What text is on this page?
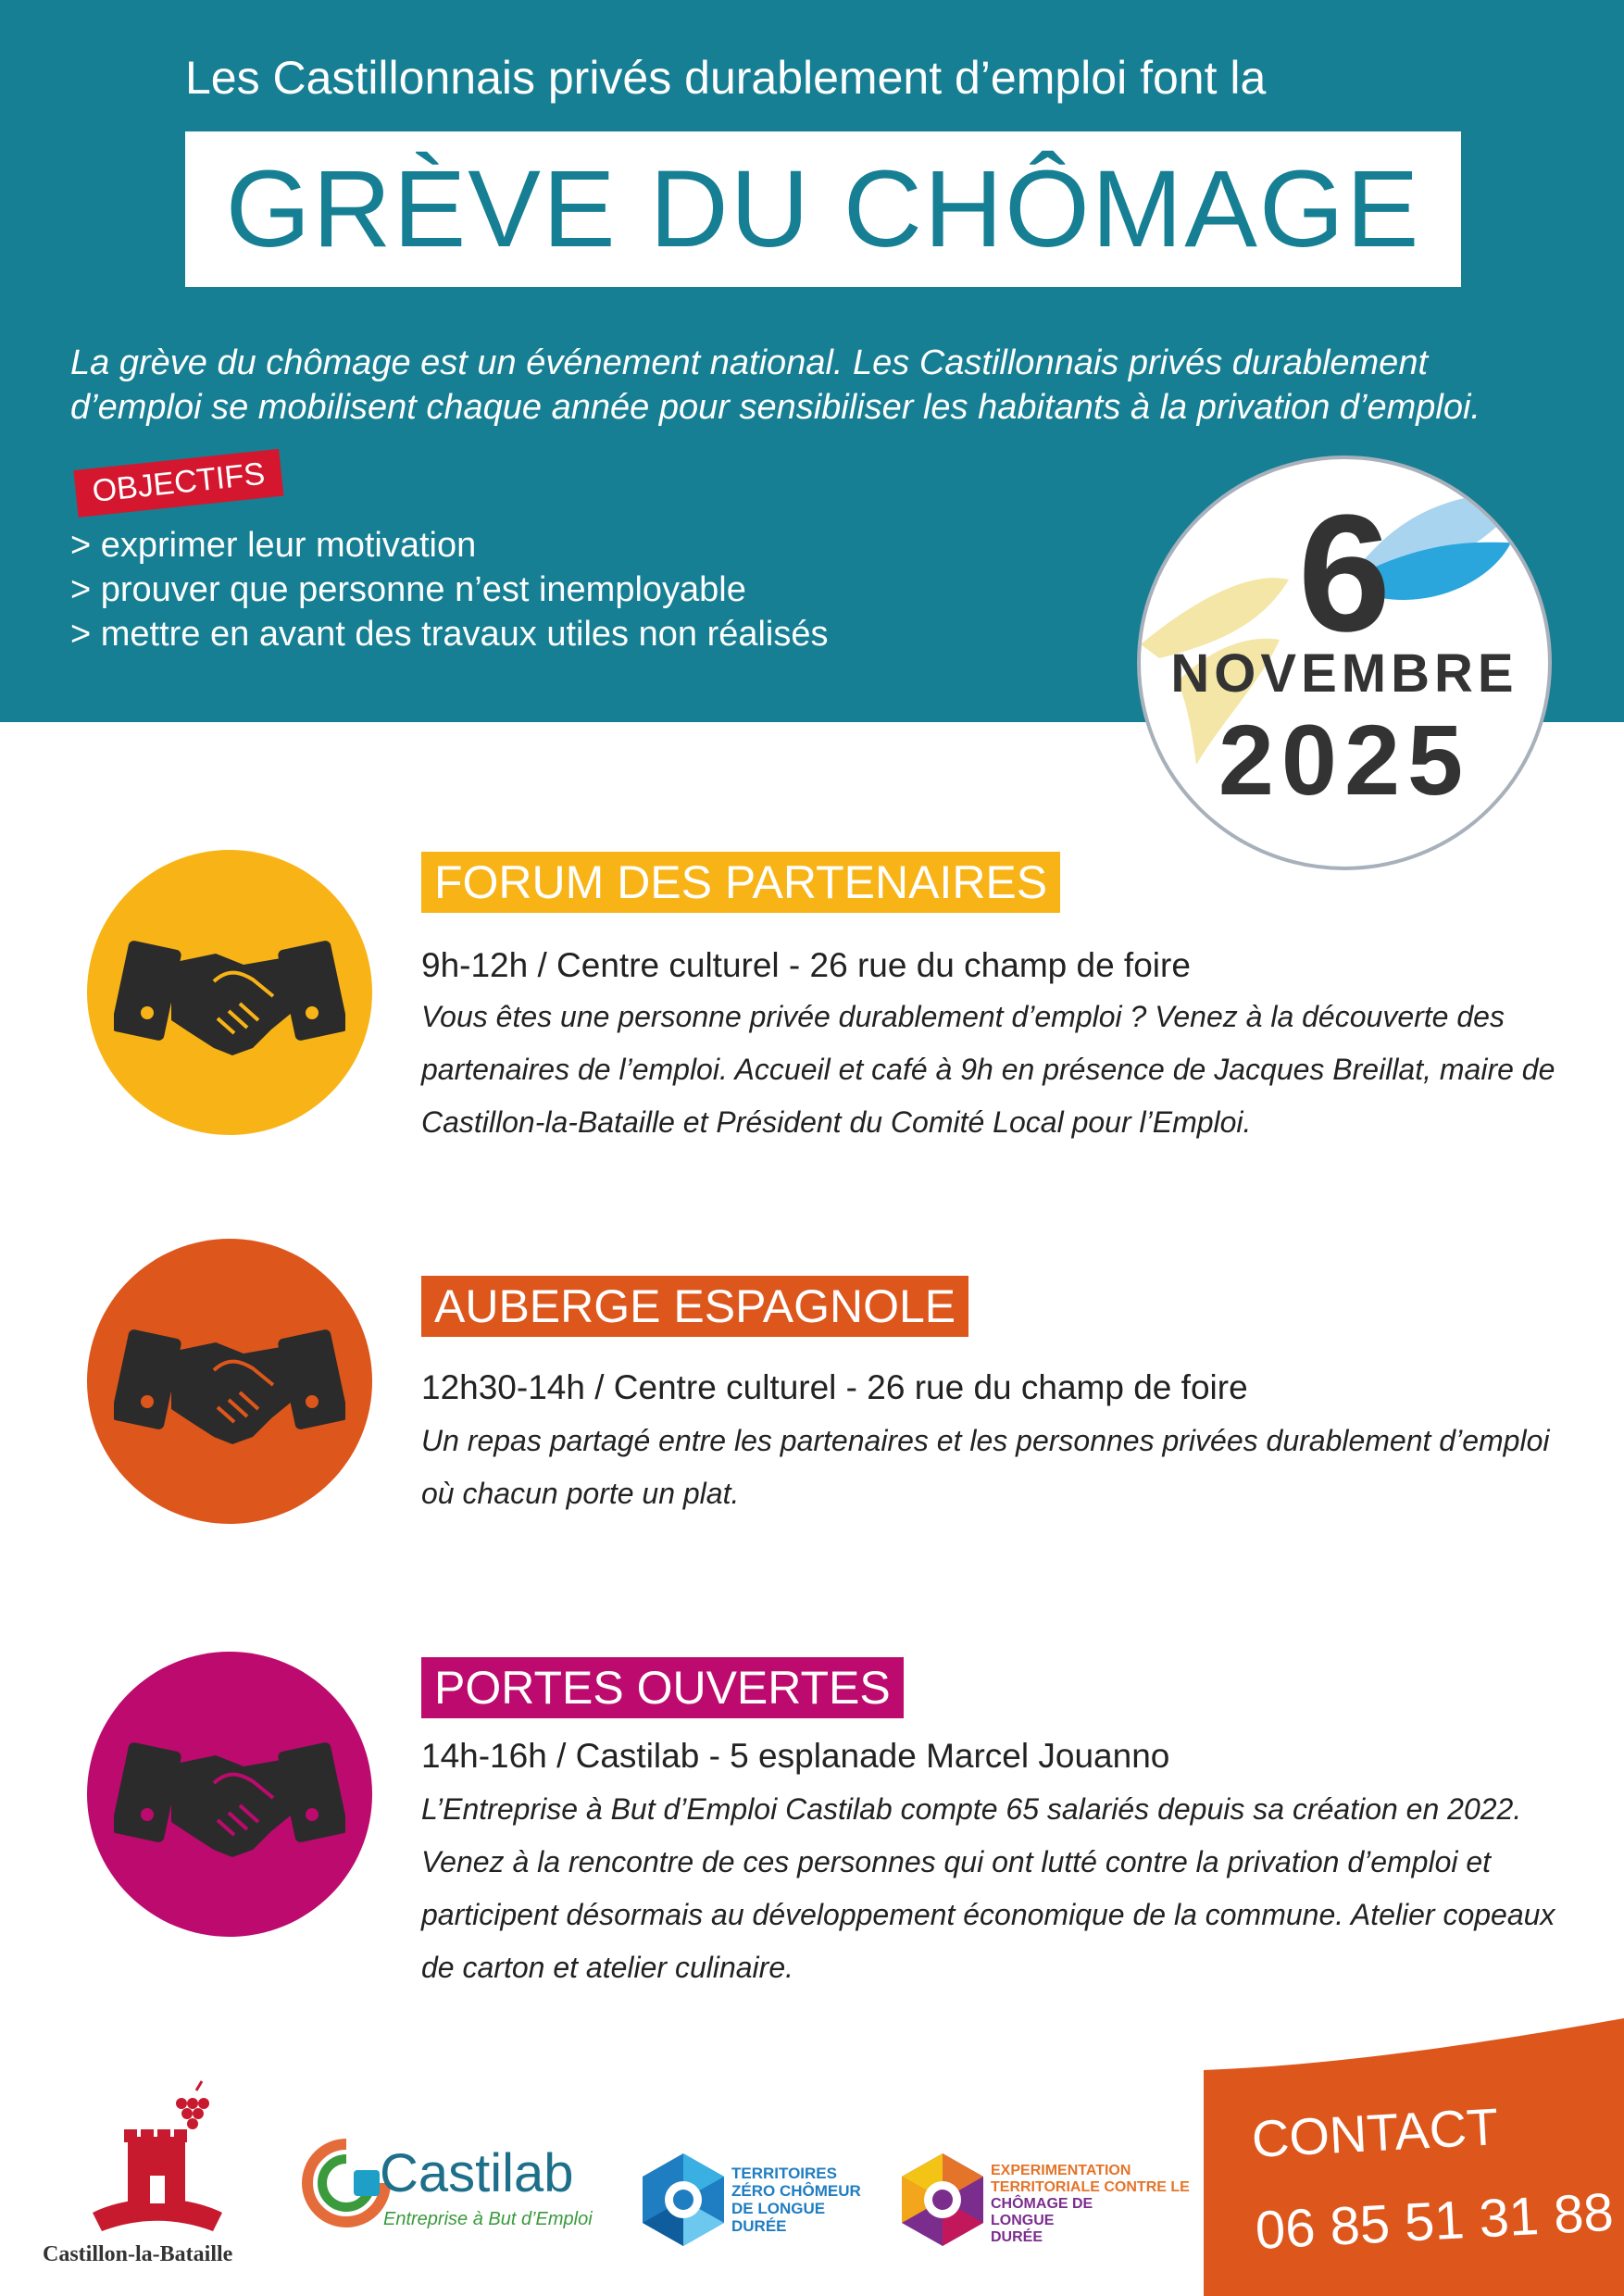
Les Castillonnais privés durablement d’emploi font la
GRÈVE DU CHÔMAGE
La grève du chômage est un événement national. Les Castillonnais privés durablement d’emploi se mobilisent chaque année pour sensibiliser les habitants à la privation d’emploi.
OBJECTIFS
> exprimer leur motivation
> prouver que personne n’est inemployable
> mettre en avant des travaux utiles non réalisés	6
NOVEMBRE
2025
FORUM DES PARTENAIRES
9h-12h / Centre culturel - 26 rue du champ de foire
Vous êtes une personne privée durablement d’emploi ? Venez à la découverte des partenaires de l’emploi. Accueil et café à 9h en présence de Jacques Breillat, maire de Castillon-la-Bataille et Président du Comité Local pour l’Emploi.
AUBERGE ESPAGNOLE
12h30-14h / Centre culturel - 26 rue du champ de foire
Un repas partagé entre les partenaires et les personnes privées durablement d’emploi où chacun porte un plat.
PORTES OUVERTES
14h-16h / Castilab - 5 esplanade Marcel Jouanno
L’Entreprise à But d’Emploi Castilab compte 65 salariés depuis sa création en 2022. Venez à la rencontre de ces personnes qui ont lutté contre la privation d’emploi et participent désormais au développement économique de la commune. Atelier copeaux de carton et atelier culinaire.
Castillon-la-Bataille
Castilab
Entreprise à But d’Emploi
TERRITOIRES
ZÉRO CHÔMEUR
DE LONGUE
DURÉE
EXPERIMENTATION
TERRITORIALE CONTRE LE
CHÔMAGE DE
LONGUE
DURÉE
CONTACT
06 85 51 31 88
